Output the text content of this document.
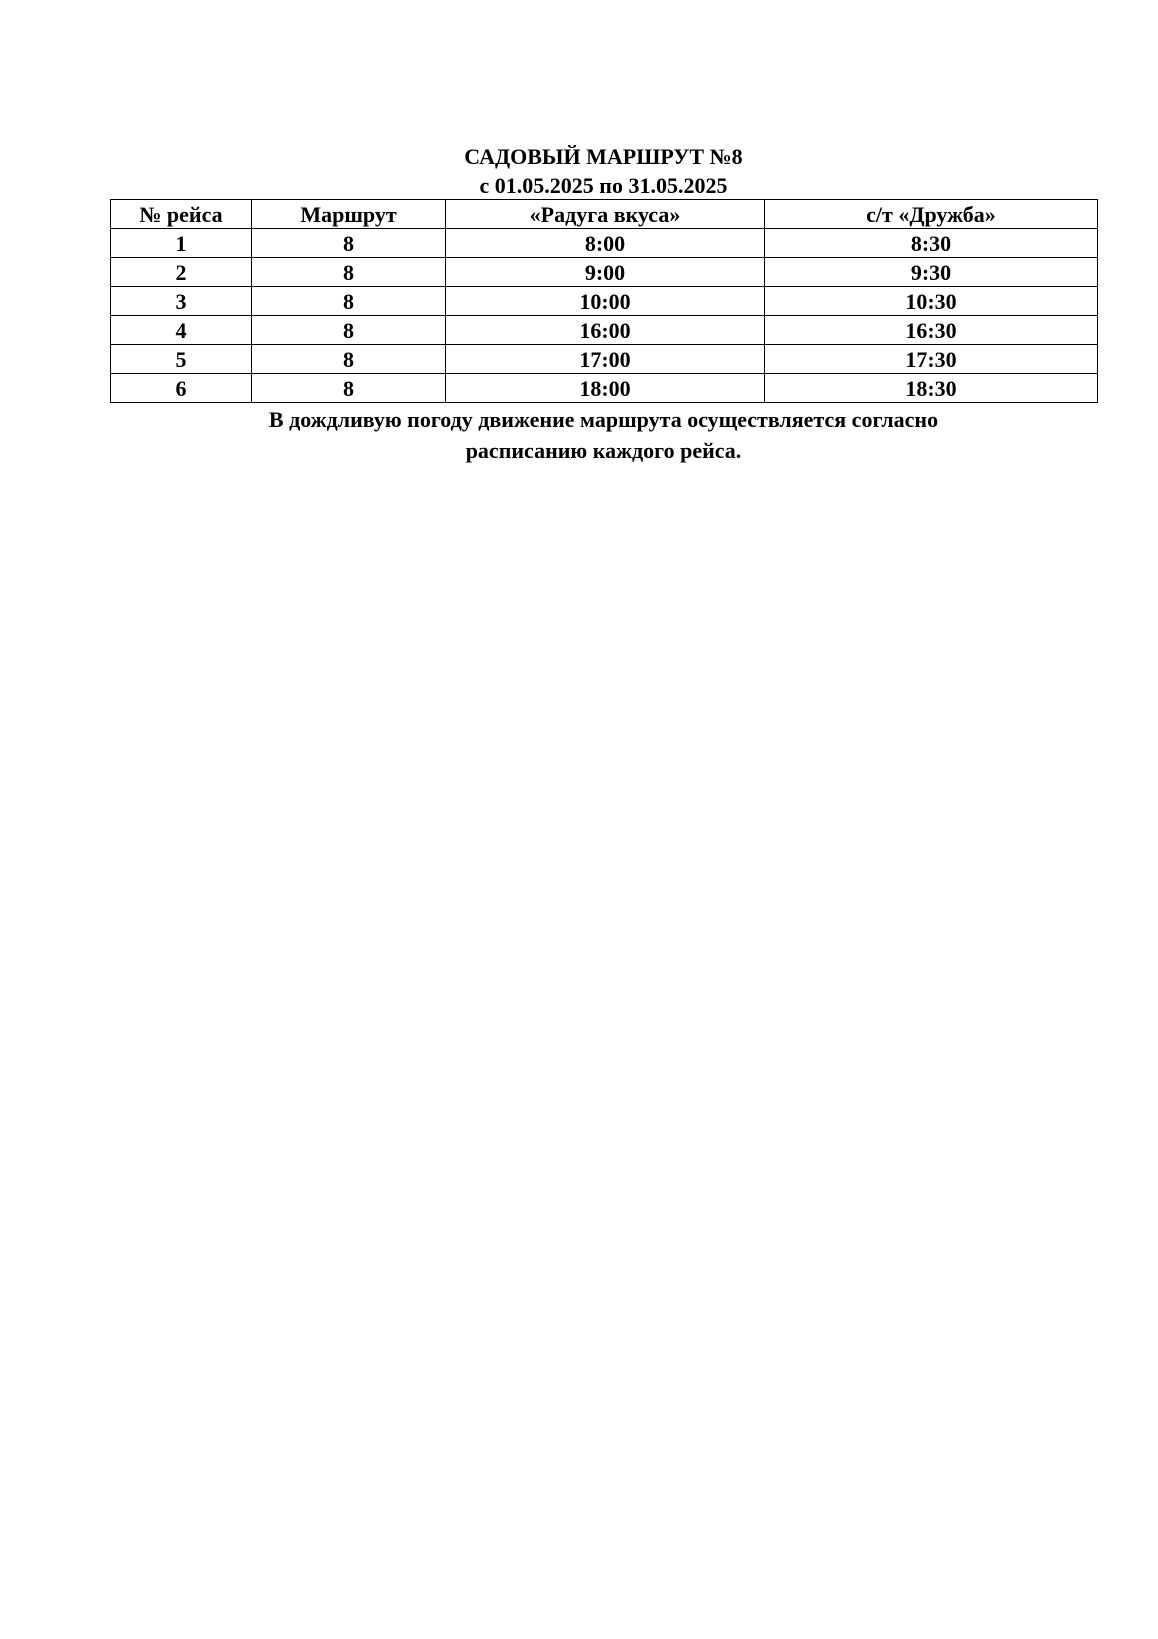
САДОВЫЙ МАРШРУТ №8

с 01.05.2025 по 31.05.2025

№ рейса	Маршрут	«Радуга вкуса»	с/т «Дружба»
1	8	8:00	8:30
2	8	9:00	9:30
3	8	10:00	10:30
4	8	16:00	16:30
5	8	17:00	17:30
6	8	18:00	18:30

В дождливую погоду движение маршрута осуществляется согласно
расписанию каждого рейса.
